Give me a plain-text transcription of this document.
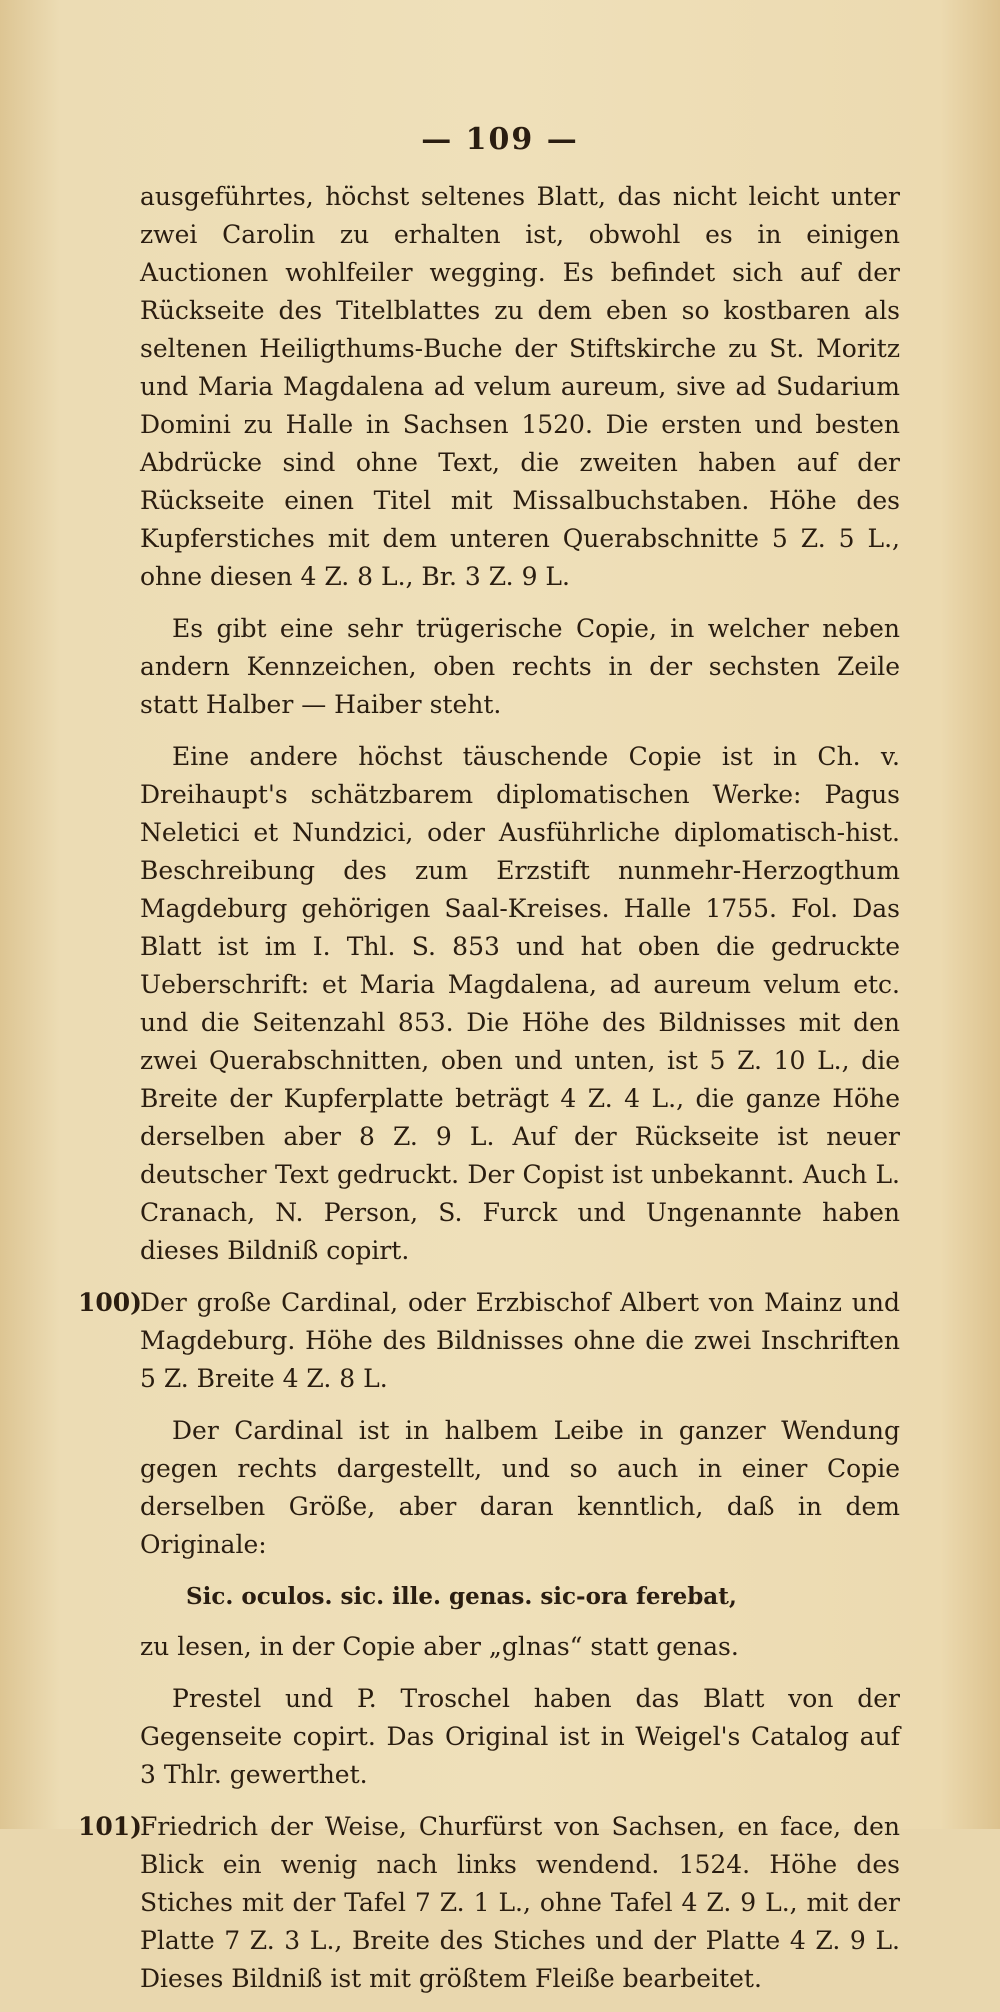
— 109 —

ausgeführtes, höchst seltenes Blatt, das nicht leicht unter zwei Carolin zu erhalten ist, obwohl es in einigen Auctionen wohlfeiler wegging. Es befindet sich auf der Rückseite des Titelblattes zu dem eben so kostbaren als seltenen Heiligthums-Buche der Stiftskirche zu St. Moritz und Maria Magdalena ad velum aureum, sive ad Sudarium Domini zu Halle in Sachsen 1520. Die ersten und besten Abdrücke sind ohne Text, die zweiten haben auf der Rückseite einen Titel mit Missalbuchstaben. Höhe des Kupferstiches mit dem unteren Querabschnitte 5 Z. 5 L., ohne diesen 4 Z. 8 L., Br. 3 Z. 9 L.

Es gibt eine sehr trügerische Copie, in welcher neben andern Kennzeichen, oben rechts in der sechsten Zeile statt Halber — Haiber steht.

Eine andere höchst täuschende Copie ist in Ch. v. Dreihaupt's schätzbarem diplomatischen Werke: Pagus Neletici et Nundzici, oder Ausführliche diplomatisch-hist. Beschreibung des zum Erzstift nunmehr-Herzogthum Magdeburg gehörigen Saal-Kreises. Halle 1755. Fol. Das Blatt ist im I. Thl. S. 853 und hat oben die gedruckte Ueberschrift: et Maria Magdalena, ad aureum velum etc. und die Seitenzahl 853. Die Höhe des Bildnisses mit den zwei Querabschnitten, oben und unten, ist 5 Z. 10 L., die Breite der Kupferplatte beträgt 4 Z. 4 L., die ganze Höhe derselben aber 8 Z. 9 L. Auf der Rückseite ist neuer deutscher Text gedruckt. Der Copist ist unbekannt. Auch L. Cranach, N. Person, S. Furck und Ungenannte haben dieses Bildniß copirt.

100)

Der große Cardinal, oder Erzbischof Albert von Mainz und Magdeburg. Höhe des Bildnisses ohne die zwei Inschriften 5 Z. Breite 4 Z. 8 L.

Der Cardinal ist in halbem Leibe in ganzer Wendung gegen rechts dargestellt, und so auch in einer Copie derselben Größe, aber daran kenntlich, daß in dem Originale:

Sic. oculos. sic. ille. genas. sic-ora ferebat,

zu lesen, in der Copie aber „glnas“ statt genas.

Prestel und P. Troschel haben das Blatt von der Gegenseite copirt. Das Original ist in Weigel's Catalog auf 3 Thlr. gewerthet.

101)

Friedrich der Weise, Churfürst von Sachsen, en face, den Blick ein wenig nach links wendend. 1524. Höhe des Stiches mit der Tafel 7 Z. 1 L., ohne Tafel 4 Z. 9 L., mit der Platte 7 Z. 3 L., Breite des Stiches und der Platte 4 Z. 9 L. Dieses Bildniß ist mit größtem Fleiße bearbeitet.
